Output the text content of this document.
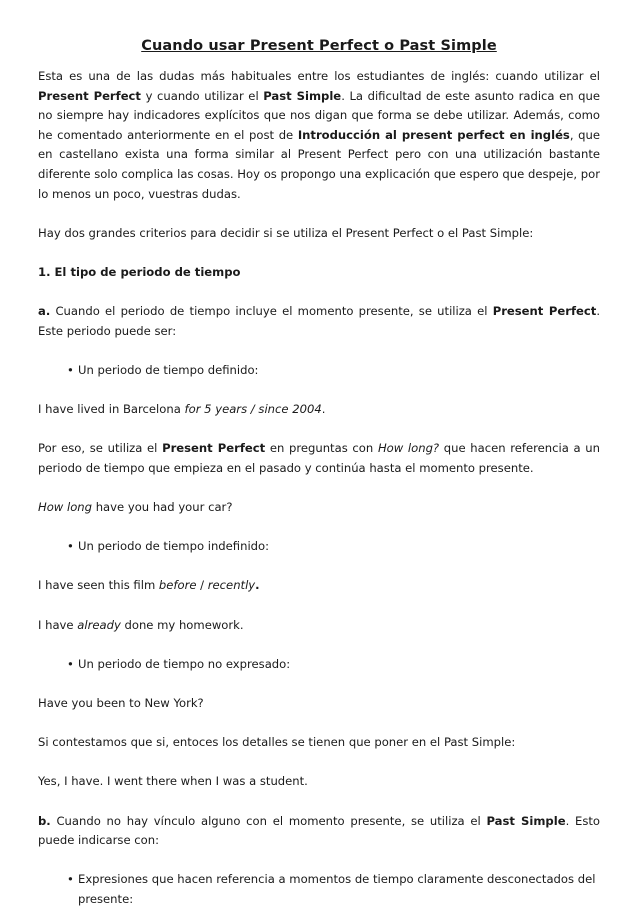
Cuando usar Present Perfect o Past Simple

Esta es una de las dudas más habituales entre los estudiantes de inglés: cuando utilizar el Present Perfect y cuando utilizar el Past Simple. La dificultad de este asunto radica en que no siempre hay indicadores explícitos que nos digan que forma se debe utilizar. Además, como he comentado anteriormente en el post de Introducción al present perfect en inglés, que en castellano exista una forma similar al Present Perfect pero con una utilización bastante diferente solo complica las cosas. Hoy os propongo una explicación que espero que despeje, por lo menos un poco, vuestras dudas.

Hay dos grandes criterios para decidir si se utiliza el Present Perfect o el Past Simple:

1. El tipo de periodo de tiempo

a. Cuando el periodo de tiempo incluye el momento presente, se utiliza el Present Perfect. Este periodo puede ser:

• Un periodo de tiempo definido:

I have lived in Barcelona for 5 years / since 2004.

Por eso, se utiliza el Present Perfect en preguntas con How long? que hacen referencia a un periodo de tiempo que empieza en el pasado y continúa hasta el momento presente.

How long have you had your car?

• Un periodo de tiempo indefinido:

I have seen this film before / recently.

I have already done my homework.

• Un periodo de tiempo no expresado:

Have you been to New York?

Si contestamos que si, entoces los detalles se tienen que poner en el Past Simple:

Yes, I have. I went there when I was a student.

b. Cuando no hay vínculo alguno con el momento presente, se utiliza el Past Simple. Esto puede indicarse con:

• Expresiones que hacen referencia a momentos de tiempo claramente desconectados del presente:
